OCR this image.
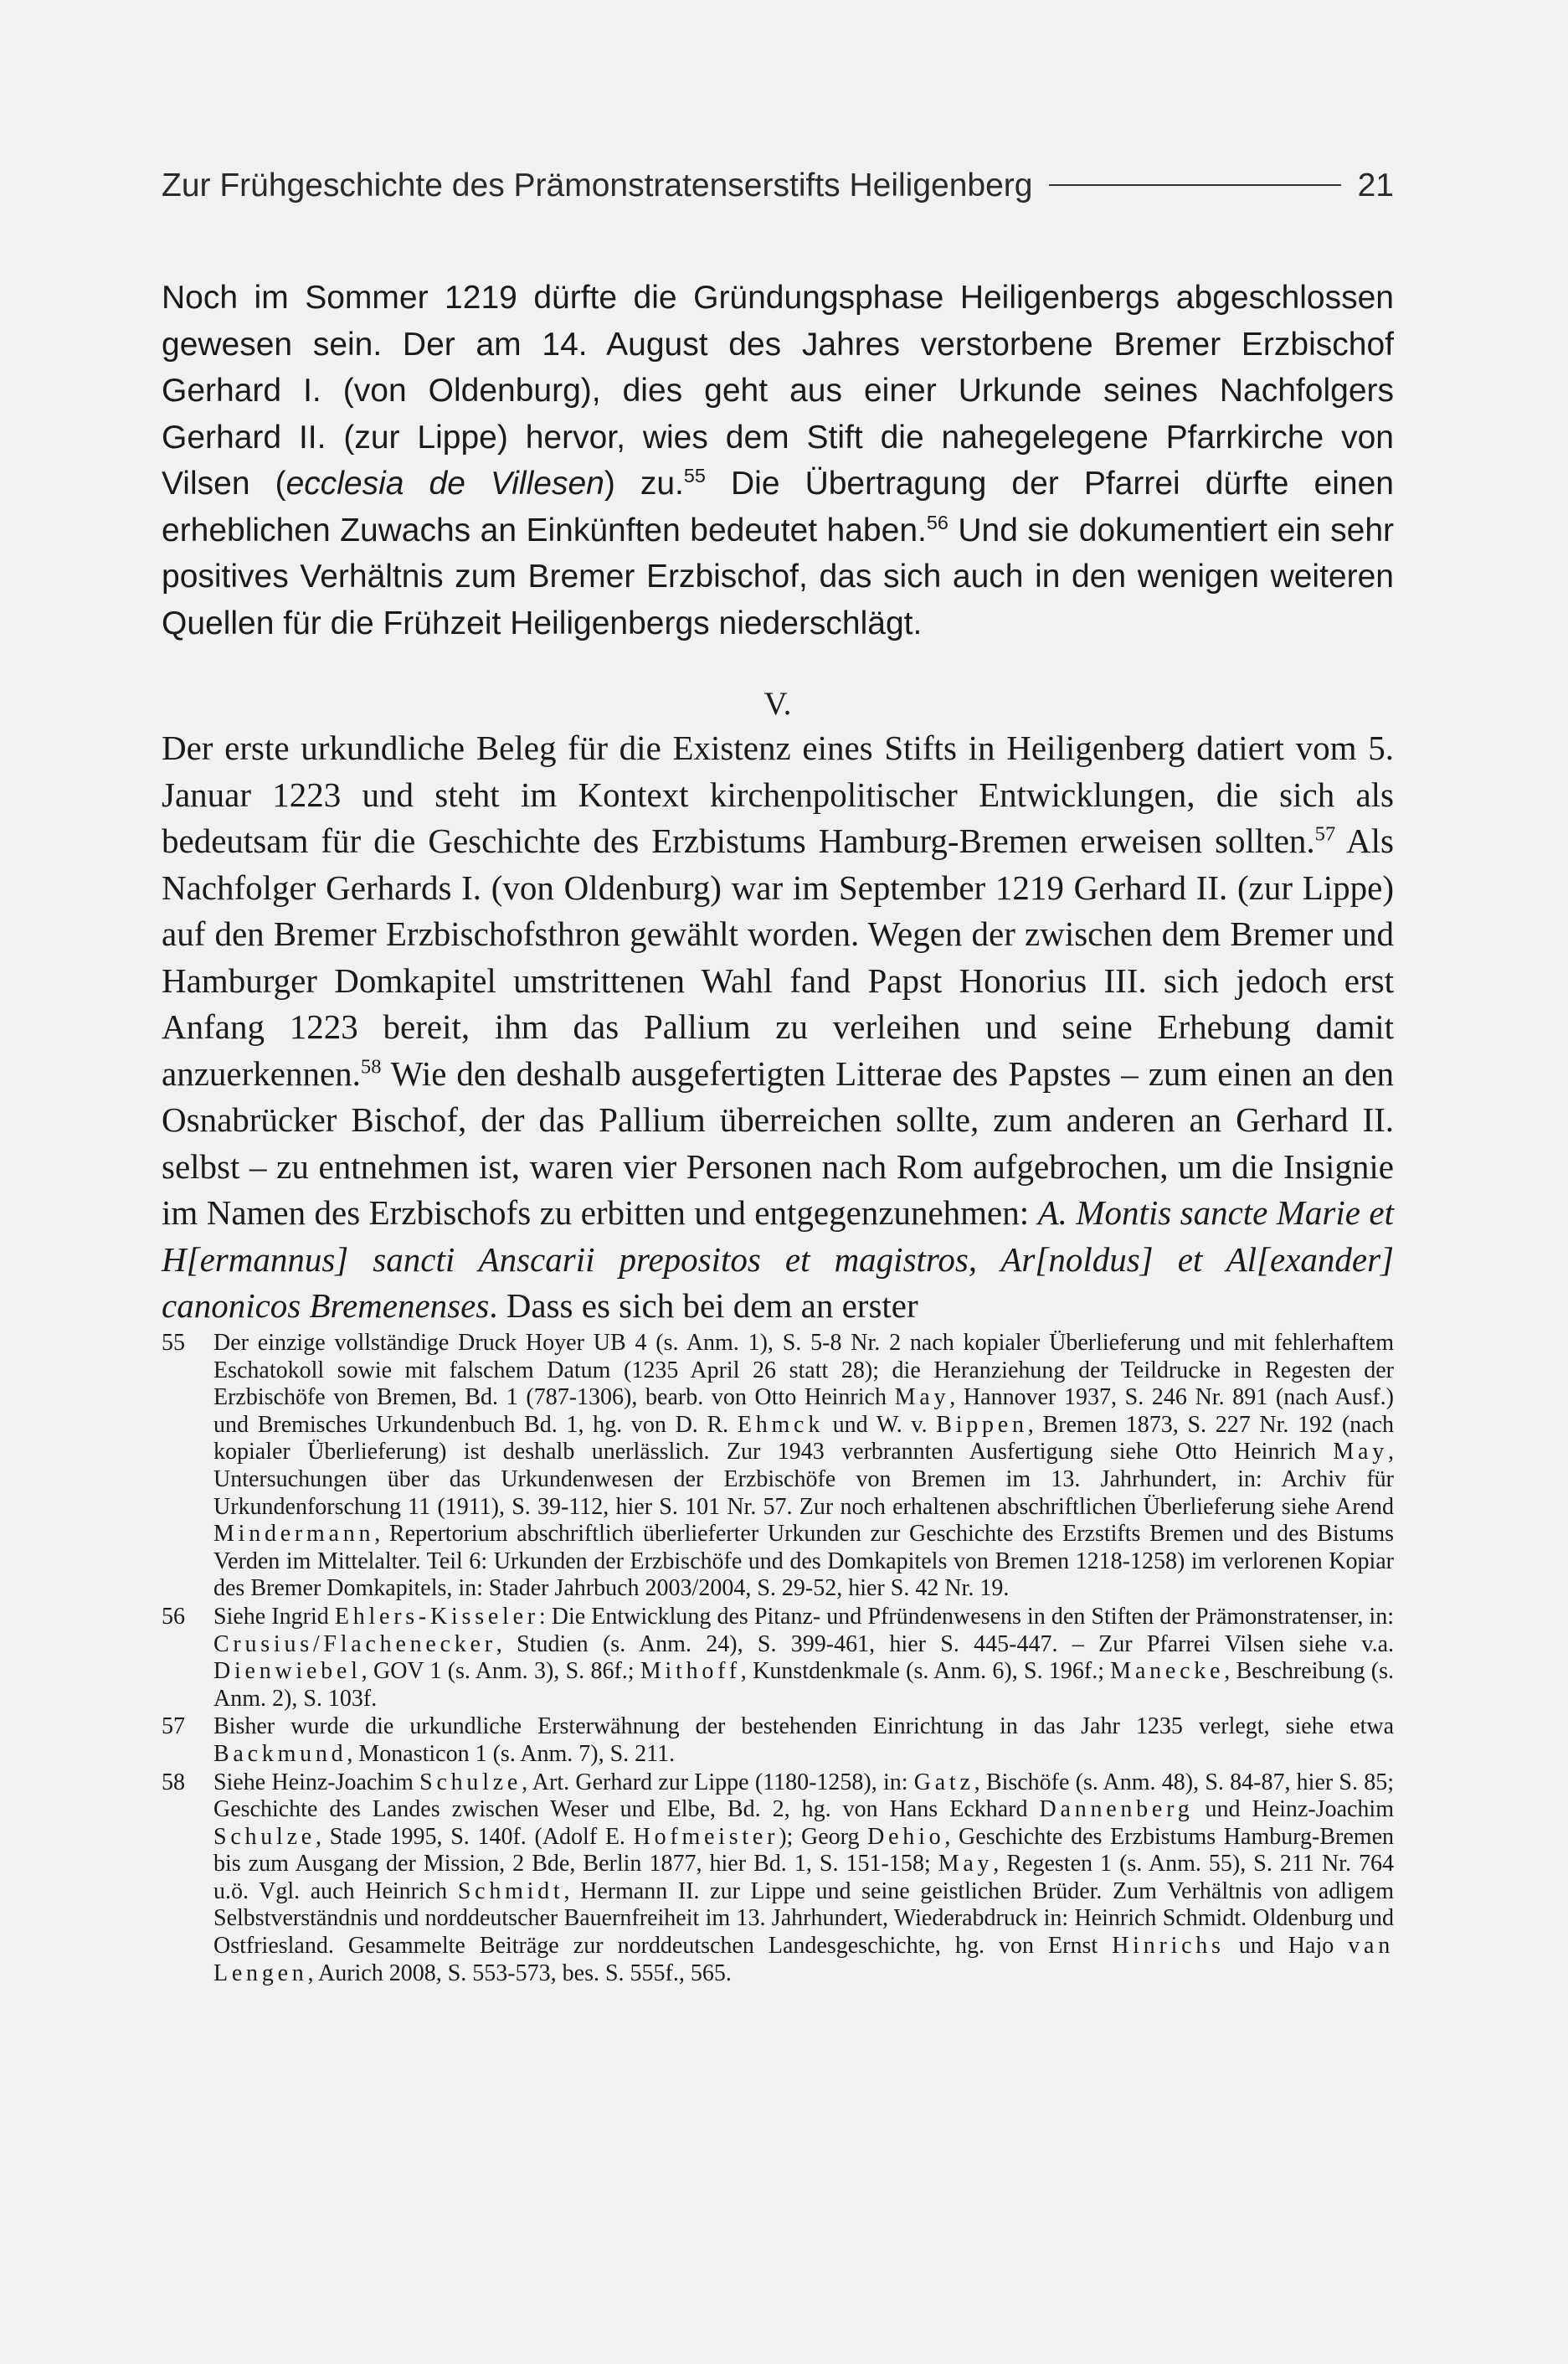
Zur Frühgeschichte des Prämonstratenserstifts Heiligenberg	21
Noch im Sommer 1219 dürfte die Gründungsphase Heiligenbergs abgeschlossen gewesen sein. Der am 14. August des Jahres verstorbene Bremer Erzbischof Gerhard I. (von Oldenburg), dies geht aus einer Urkunde seines Nachfolgers Gerhard II. (zur Lippe) hervor, wies dem Stift die nahegelegene Pfarrkirche von Vilsen (ecclesia de Villesen) zu.$^{55}$ Die Übertragung der Pfarrei dürfte einen erheblichen Zuwachs an Einkünften bedeutet haben.$^{56}$ Und sie dokumentiert ein sehr positives Verhältnis zum Bremer Erzbischof, das sich auch in den wenigen weiteren Quellen für die Frühzeit Heiligenbergs niederschlägt.
V.
Der erste urkundliche Beleg für die Existenz eines Stifts in Heiligenberg datiert vom 5. Januar 1223 und steht im Kontext kirchenpolitischer Entwicklungen, die sich als bedeutsam für die Geschichte des Erzbistums Hamburg-Bremen erweisen sollten.$^{57}$ Als Nachfolger Gerhards I. (von Oldenburg) war im September 1219 Gerhard II. (zur Lippe) auf den Bremer Erzbischofsthron gewählt worden. Wegen der zwischen dem Bremer und Hamburger Domkapitel umstrittenen Wahl fand Papst Honorius III. sich jedoch erst Anfang 1223 bereit, ihm das Pallium zu verleihen und seine Erhebung damit anzuerkennen.$^{58}$ Wie den deshalb ausgefertigten Litterae des Papstes – zum einen an den Osnabrücker Bischof, der das Pallium überreichen sollte, zum anderen an Gerhard II. selbst – zu entnehmen ist, waren vier Personen nach Rom aufgebrochen, um die Insignie im Namen des Erzbischofs zu erbitten und entgegenzunehmen: A. Montis sancte Marie et H[ermannus] sancti Anscarii prepositos et magistros, Ar[noldus] et Al[exander] canonicos Bremenenses. Dass es sich bei dem an erster
55	Der einzige vollständige Druck Hoyer UB 4 (s. Anm. 1), S. 5-8 Nr. 2 nach kopialer Überlieferung und mit fehlerhaftem Eschatokoll sowie mit falschem Datum (1235 April 26 statt 28); die Heranziehung der Teildrucke in Regesten der Erzbischöfe von Bremen, Bd. 1 (787-1306), bearb. von Otto Heinrich May, Hannover 1937, S. 246 Nr. 891 (nach Ausf.) und Bremisches Urkundenbuch Bd. 1, hg. von D. R. Ehmck und W. v. Bippen, Bremen 1873, S. 227 Nr. 192 (nach kopialer Überlieferung) ist deshalb unerlässlich. Zur 1943 verbrannten Ausfertigung siehe Otto Heinrich May, Untersuchungen über das Urkundenwesen der Erzbischöfe von Bremen im 13. Jahrhundert, in: Archiv für Urkundenforschung 11 (1911), S. 39-112, hier S. 101 Nr. 57. Zur noch erhaltenen abschriftlichen Überlieferung siehe Arend Mindermann, Repertorium abschriftlich überlieferter Urkunden zur Geschichte des Erzstifts Bremen und des Bistums Verden im Mittelalter. Teil 6: Urkunden der Erzbischöfe und des Domkapitels von Bremen 1218-1258) im verlorenen Kopiar des Bremer Domkapitels, in: Stader Jahrbuch 2003/2004, S. 29-52, hier S. 42 Nr. 19.
56	Siehe Ingrid Ehlers-Kisseler: Die Entwicklung des Pitanz- und Pfründenwesens in den Stiften der Prämonstratenser, in: Crusius/Flachenecker, Studien (s. Anm. 24), S. 399-461, hier S. 445-447. – Zur Pfarrei Vilsen siehe v.a. Dienwiebel, GOV 1 (s. Anm. 3), S. 86f.; Mithoff, Kunstdenkmale (s. Anm. 6), S. 196f.; Manecke, Beschreibung (s. Anm. 2), S. 103f.
57	Bisher wurde die urkundliche Ersterwähnung der bestehenden Einrichtung in das Jahr 1235 verlegt, siehe etwa Backmund, Monasticon 1 (s. Anm. 7), S. 211.
58	Siehe Heinz-Joachim Schulze, Art. Gerhard zur Lippe (1180-1258), in: Gatz, Bischöfe (s. Anm. 48), S. 84-87, hier S. 85; Geschichte des Landes zwischen Weser und Elbe, Bd. 2, hg. von Hans Eckhard Dannenberg und Heinz-Joachim Schulze, Stade 1995, S. 140f. (Adolf E. Hofmeister); Georg Dehio, Geschichte des Erzbistums Hamburg-Bremen bis zum Ausgang der Mission, 2 Bde, Berlin 1877, hier Bd. 1, S. 151-158; May, Regesten 1 (s. Anm. 55), S. 211 Nr. 764 u.ö. Vgl. auch Heinrich Schmidt, Hermann II. zur Lippe und seine geistlichen Brüder. Zum Verhältnis von adligem Selbstverständnis und norddeutscher Bauernfreiheit im 13. Jahrhundert, Wiederabdruck in: Heinrich Schmidt. Oldenburg und Ostfriesland. Gesammelte Beiträge zur norddeutschen Landesgeschichte, hg. von Ernst Hinrichs und Hajo van Lengen, Aurich 2008, S. 553-573, bes. S. 555f., 565.
